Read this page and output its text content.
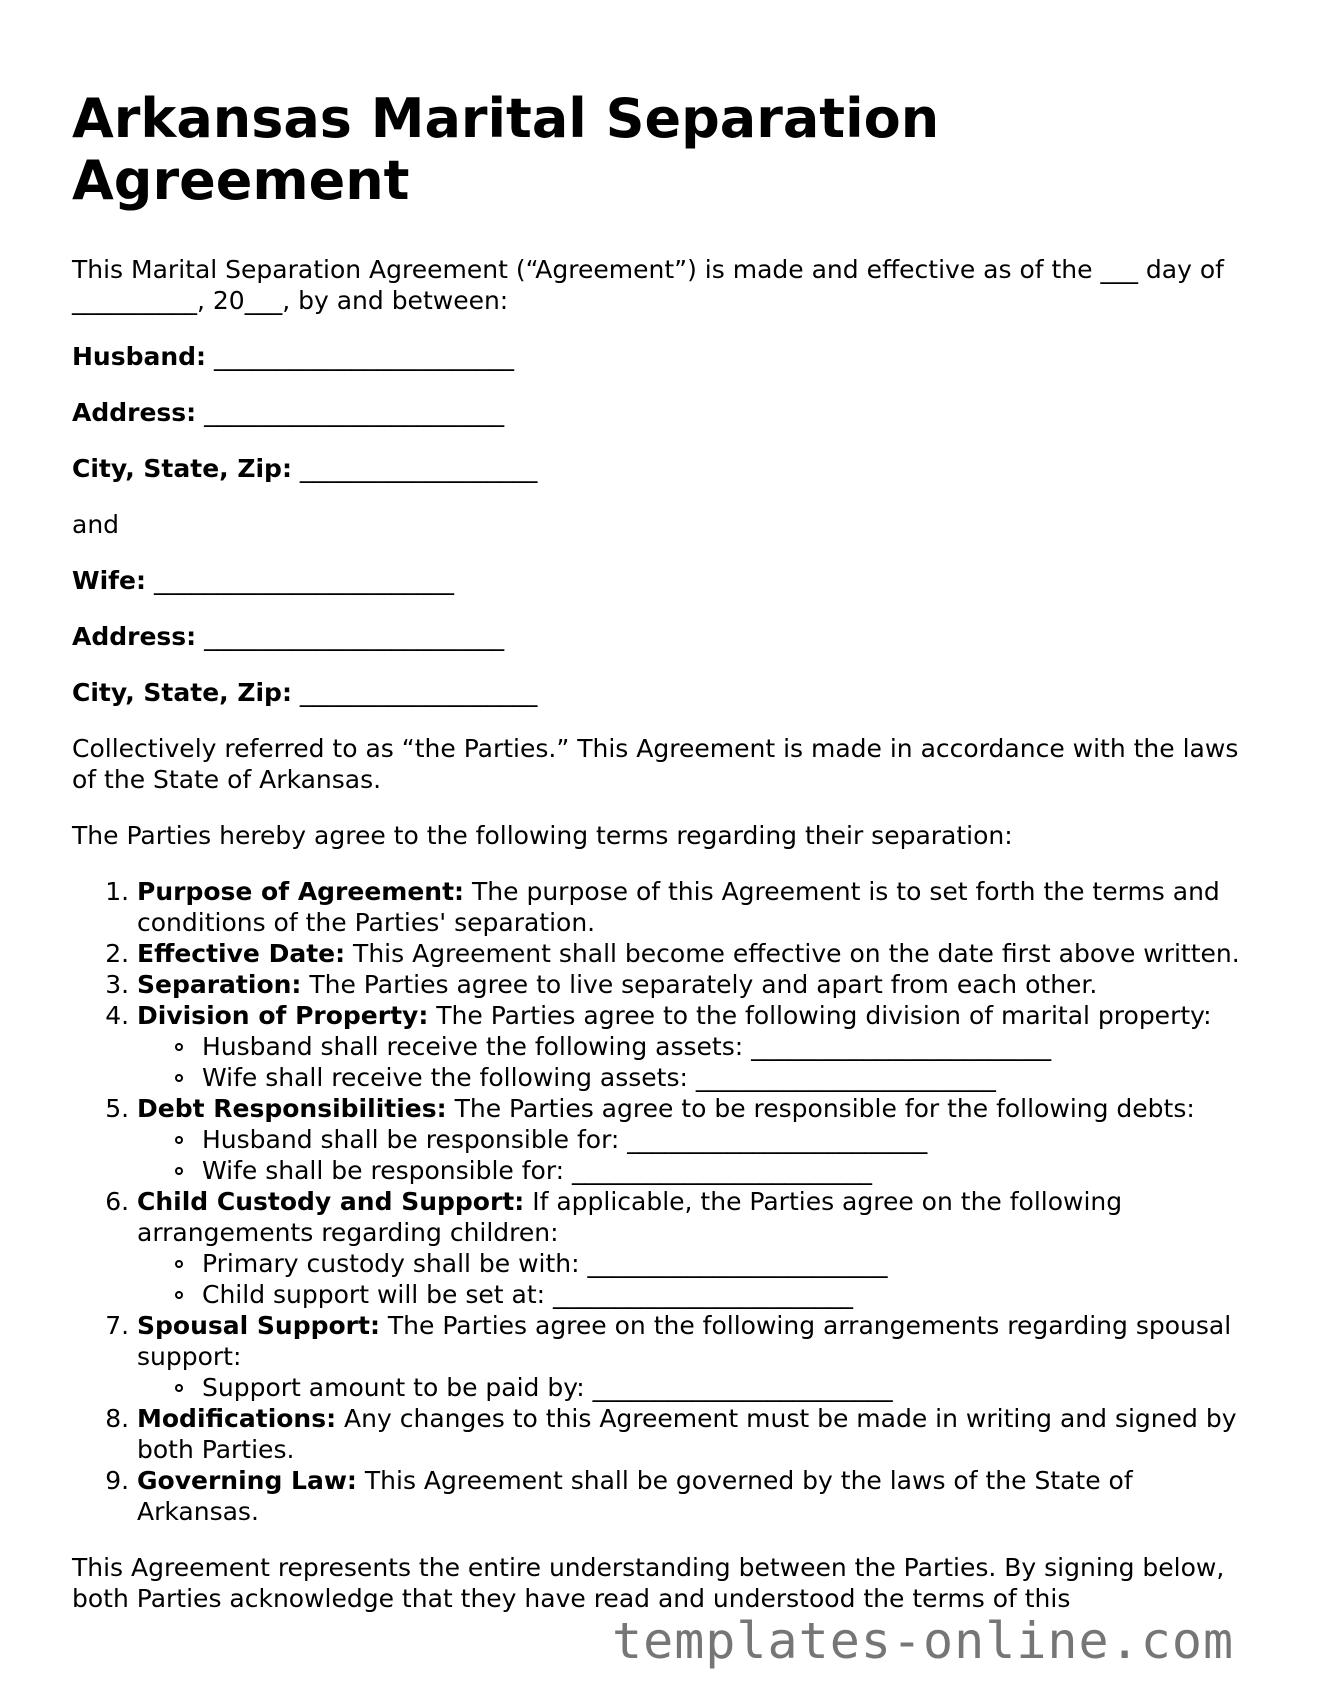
Arkansas Marital Separation Agreement

This Marital Separation Agreement (“Agreement”) is made and effective as of the ___ day of __________, 20___, by and between:

Husband: ________________________

Address: ________________________

City, State, Zip: ___________________

and

Wife: ________________________

Address: ________________________

City, State, Zip: ___________________

Collectively referred to as “the Parties.” This Agreement is made in accordance with the laws of the State of Arkansas.

The Parties hereby agree to the following terms regarding their separation:

1. Purpose of Agreement: The purpose of this Agreement is to set forth the terms and conditions of the Parties' separation.
2. Effective Date: This Agreement shall become effective on the date first above written.
3. Separation: The Parties agree to live separately and apart from each other.
4. Division of Property: The Parties agree to the following division of marital property:
Husband shall receive the following assets: ________________________
Wife shall receive the following assets: ________________________
5. Debt Responsibilities: The Parties agree to be responsible for the following debts:
Husband shall be responsible for: ________________________
Wife shall be responsible for: ________________________
6. Child Custody and Support: If applicable, the Parties agree on the following arrangements regarding children:
Primary custody shall be with: ________________________
Child support will be set at: ________________________
7. Spousal Support: The Parties agree on the following arrangements regarding spousal support:
Support amount to be paid by: ________________________
8. Modifications: Any changes to this Agreement must be made in writing and signed by both Parties.
9. Governing Law: This Agreement shall be governed by the laws of the State of Arkansas.

This Agreement represents the entire understanding between the Parties. By signing below, both Parties acknowledge that they have read and understood the terms of this

templates-online.com
